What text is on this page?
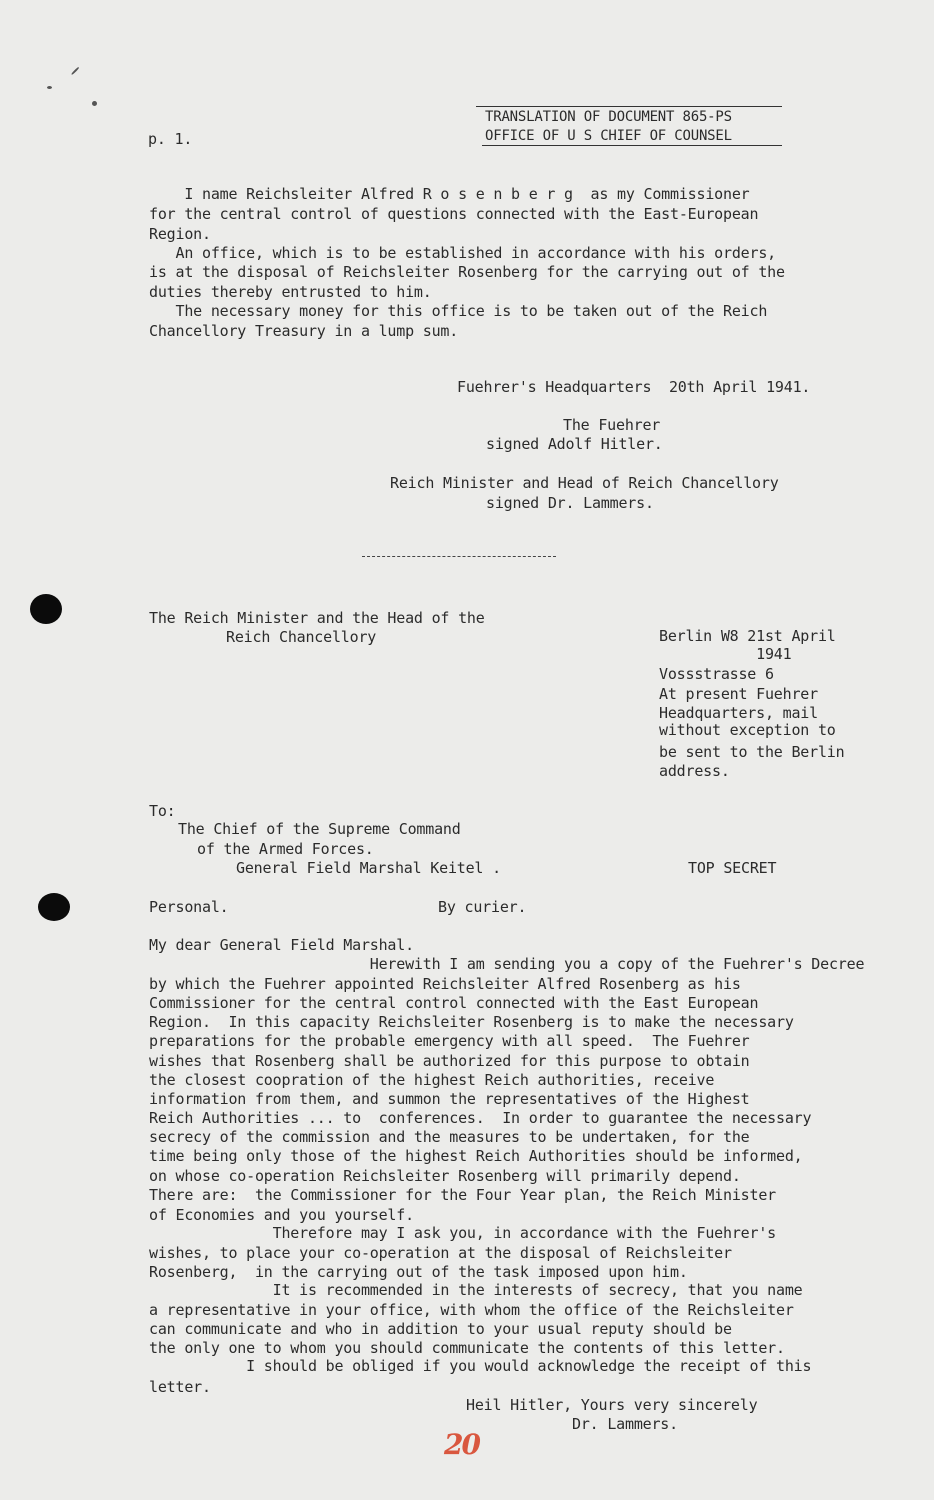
p. 1.
TRANSLATION OF DOCUMENT 865-PS
OFFICE OF U S CHIEF OF COUNSEL
I name Reichsleiter Alfred R o s e n b e r g  as my Commissioner
for the central control of questions connected with the East-European
Region.
An office, which is to be established in accordance with his orders,
is at the disposal of Reichsleiter Rosenberg for the carrying out of the
duties thereby entrusted to him.
The necessary money for this office is to be taken out of the Reich
Chancellory Treasury in a lump sum.
Fuehrer's Headquarters  20th April 1941.
The Fuehrer
signed Adolf Hitler.
Reich Minister and Head of Reich Chancellory
signed Dr. Lammers.
The Reich Minister and the Head of the
Reich Chancellory	Berlin W8 21st April
1941
Vossstrasse 6
At present Fuehrer
Headquarters, mail
without exception to
be sent to the Berlin
address.
To:
The Chief of the Supreme Command
of the Armed Forces.
General Field Marshal Keitel .	TOP SECRET
Personal.	By curier.
My dear General Field Marshal.
Herewith I am sending you a copy of the Fuehrer's Decree
by which the Fuehrer appointed Reichsleiter Alfred Rosenberg as his
Commissioner for the central control connected with the East European
Region.  In this capacity Reichsleiter Rosenberg is to make the necessary
preparations for the probable emergency with all speed.  The Fuehrer
wishes that Rosenberg shall be authorized for this purpose to obtain
the closest coopration of the highest Reich authorities, receive
information from them, and summon the representatives of the Highest
Reich Authorities ... to  conferences.  In order to guarantee the necessary
secrecy of the commission and the measures to be undertaken, for the
time being only those of the highest Reich Authorities should be informed,
on whose co-operation Reichsleiter Rosenberg will primarily depend.
There are:  the Commissioner for the Four Year plan, the Reich Minister
of Economies and you yourself.
Therefore may I ask you, in accordance with the Fuehrer's
wishes, to place your co-operation at the disposal of Reichsleiter
Rosenberg,  in the carrying out of the task imposed upon him.
It is recommended in the interests of secrecy, that you name
a representative in your office, with whom the office of the Reichsleiter
can communicate and who in addition to your usual reputy should be
the only one to whom you should communicate the contents of this letter.
I should be obliged if you would acknowledge the receipt of this
letter.
Heil Hitler, Yours very sincerely
Dr. Lammers.
20
